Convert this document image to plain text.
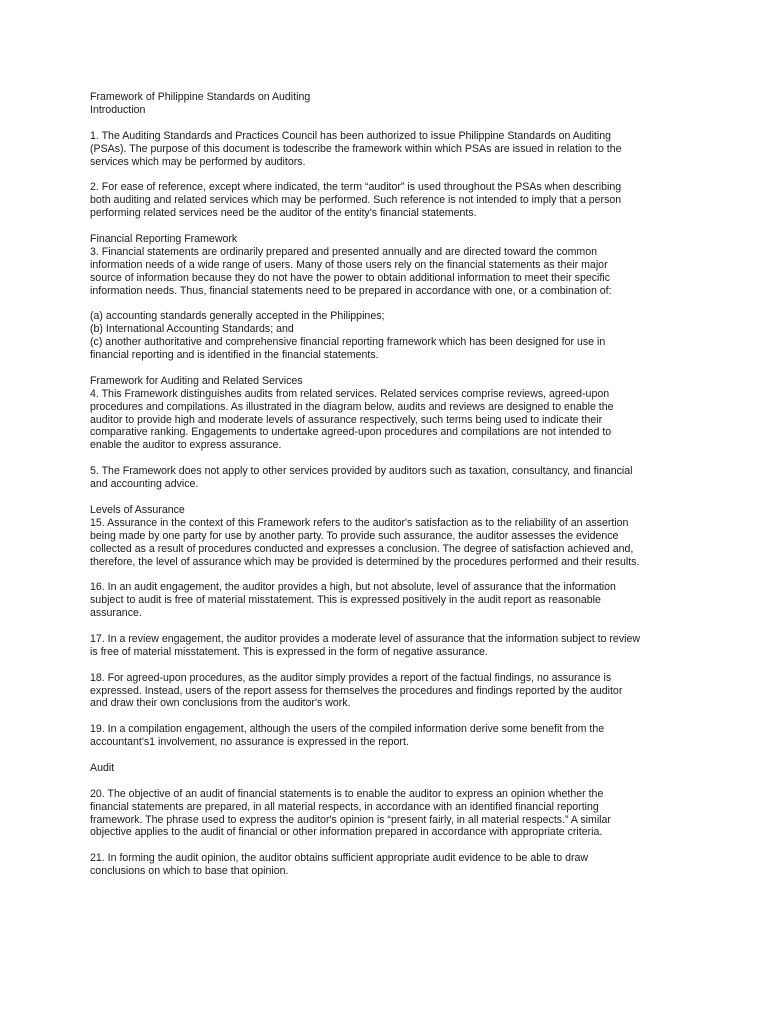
Framework of Philippine Standards on Auditing
Introduction
1. The Auditing Standards and Practices Council has been authorized to issue Philippine Standards on Auditing
(PSAs). The purpose of this document is todescribe the framework within which PSAs are issued in relation to the
services which may be performed by auditors.
2. For ease of reference, except where indicated, the term “auditor” is used throughout the PSAs when describing
both auditing and related services which may be performed. Such reference is not intended to imply that a person
performing related services need be the auditor of the entity's financial statements.
Financial Reporting Framework
3. Financial statements are ordinarily prepared and presented annually and are directed toward the common
information needs of a wide range of users. Many of those users rely on the financial statements as their major
source of information because they do not have the power to obtain additional information to meet their specific
information needs. Thus, financial statements need to be prepared in accordance with one, or a combination of:
(a) accounting standards generally accepted in the Philippines;
(b) International Accounting Standards; and
(c) another authoritative and comprehensive financial reporting framework which has been designed for use in
financial reporting and is identified in the financial statements.
Framework for Auditing and Related Services
4. This Framework distinguishes audits from related services. Related services comprise reviews, agreed-upon
procedures and compilations. As illustrated in the diagram below, audits and reviews are designed to enable the
auditor to provide high and moderate levels of assurance respectively, such terms being used to indicate their
comparative ranking. Engagements to undertake agreed-upon procedures and compilations are not intended to
enable the auditor to express assurance.
5. The Framework does not apply to other services provided by auditors such as taxation, consultancy, and financial
and accounting advice.
Levels of Assurance
15. Assurance in the context of this Framework refers to the auditor's satisfaction as to the reliability of an assertion
being made by one party for use by another party. To provide such assurance, the auditor assesses the evidence
collected as a result of procedures conducted and expresses a conclusion. The degree of satisfaction achieved and,
therefore, the level of assurance which may be provided is determined by the procedures performed and their results.
16. In an audit engagement, the auditor provides a high, but not absolute, level of assurance that the information
subject to audit is free of material misstatement. This is expressed positively in the audit report as reasonable
assurance.
17. In a review engagement, the auditor provides a moderate level of assurance that the information subject to review
is free of material misstatement. This is expressed in the form of negative assurance.
18. For agreed-upon procedures, as the auditor simply provides a report of the factual findings, no assurance is
expressed. Instead, users of the report assess for themselves the procedures and findings reported by the auditor
and draw their own conclusions from the auditor's work.
19. In a compilation engagement, although the users of the compiled information derive some benefit from the
accountant's1 involvement, no assurance is expressed in the report.
Audit
20. The objective of an audit of financial statements is to enable the auditor to express an opinion whether the
financial statements are prepared, in all material respects, in accordance with an identified financial reporting
framework. The phrase used to express the auditor's opinion is “present fairly, in all material respects.” A similar
objective applies to the audit of financial or other information prepared in accordance with appropriate criteria.
21. In forming the audit opinion, the auditor obtains sufficient appropriate audit evidence to be able to draw
conclusions on which to base that opinion.
